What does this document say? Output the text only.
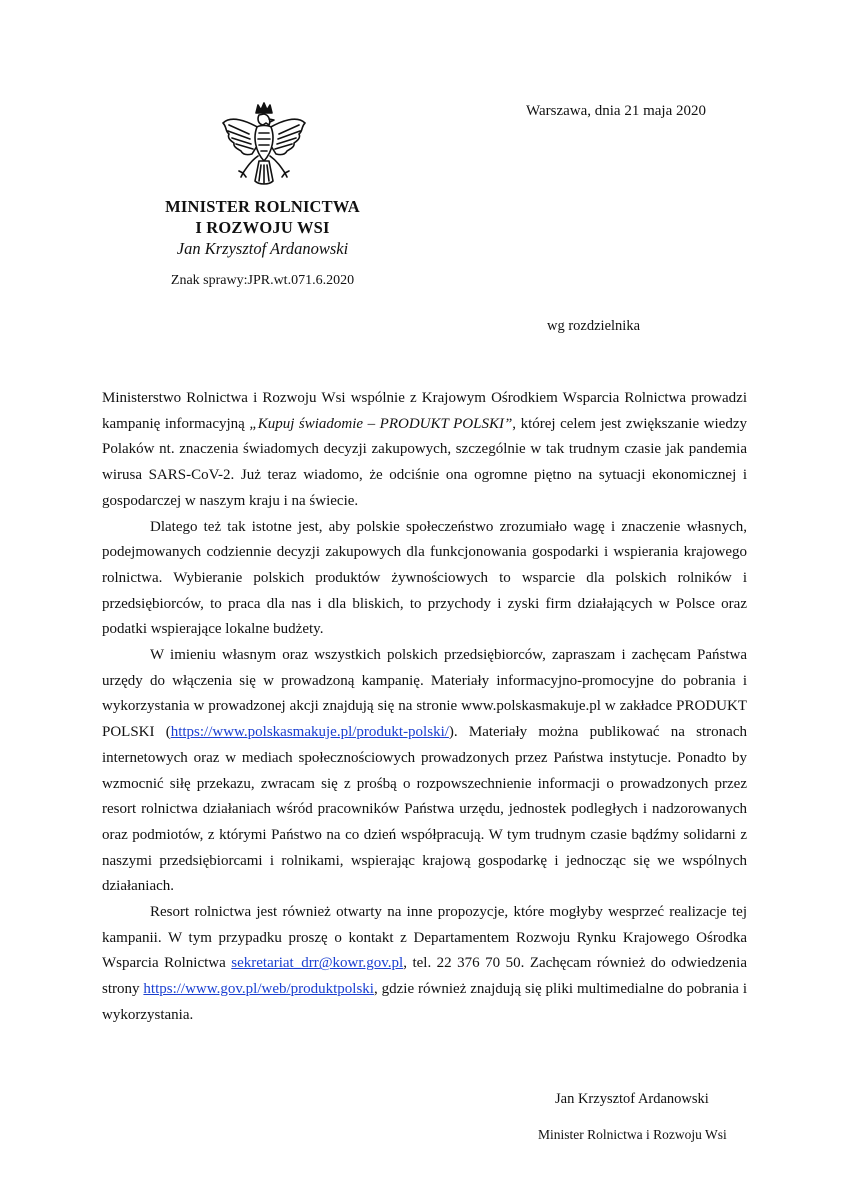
Warszawa, dnia 21 maja 2020
MINISTER ROLNICTWA
I ROZWOJU WSI
Jan Krzysztof Ardanowski
Znak sprawy:JPR.wt.071.6.2020
wg rozdzielnika

Ministerstwo Rolnictwa i Rozwoju Wsi wspólnie z Krajowym Ośrodkiem Wsparcia Rolnictwa prowadzi kampanię informacyjną „Kupuj świadomie – PRODUKT POLSKI”, której celem jest zwiększanie wiedzy Polaków nt. znaczenia świadomych decyzji zakupowych, szczególnie w tak trudnym czasie jak pandemia wirusa SARS-CoV-2. Już teraz wiadomo, że odciśnie ona ogromne piętno na sytuacji ekonomicznej i gospodarczej w naszym kraju i na świecie.

Dlatego też tak istotne jest, aby polskie społeczeństwo zrozumiało wagę i znaczenie własnych, podejmowanych codziennie decyzji zakupowych dla funkcjonowania gospodarki i wspierania krajowego rolnictwa. Wybieranie polskich produktów żywnościowych to wsparcie dla polskich rolników i przedsiębiorców, to praca dla nas i dla bliskich, to przychody i zyski firm działających w Polsce oraz podatki wspierające lokalne budżety.

W imieniu własnym oraz wszystkich polskich przedsiębiorców, zapraszam i zachęcam Państwa urzędy do włączenia się w prowadzoną kampanię. Materiały informacyjno-promocyjne do pobrania i wykorzystania w prowadzonej akcji znajdują się na stronie www.polskasmakuje.pl w zakładce PRODUKT POLSKI (https://www.polskasmakuje.pl/produkt-polski/). Materiały można publikować na stronach internetowych oraz w mediach społecznościowych prowadzonych przez Państwa instytucje. Ponadto by wzmocnić siłę przekazu, zwracam się z prośbą o rozpowszechnienie informacji o prowadzonych przez resort rolnictwa działaniach wśród pracowników Państwa urzędu, jednostek podległych i nadzorowanych oraz podmiotów, z którymi Państwo na co dzień współpracują. W tym trudnym czasie bądźmy solidarni z naszymi przedsiębiorcami i rolnikami, wspierając krajową gospodarkę i jednocząc się we wspólnych działaniach.

Resort rolnictwa jest również otwarty na inne propozycje, które mogłyby wesprzeć realizacje tej kampanii. W tym przypadku proszę o kontakt z Departamentem Rozwoju Rynku Krajowego Ośrodka Wsparcia Rolnictwa sekretariat_drr@kowr.gov.pl, tel. 22 376 70 50. Zachęcam również do odwiedzenia strony https://www.gov.pl/web/produktpolski, gdzie również znajdują się pliki multimedialne do pobrania i wykorzystania.

Jan Krzysztof Ardanowski
Minister Rolnictwa i Rozwoju Wsi
